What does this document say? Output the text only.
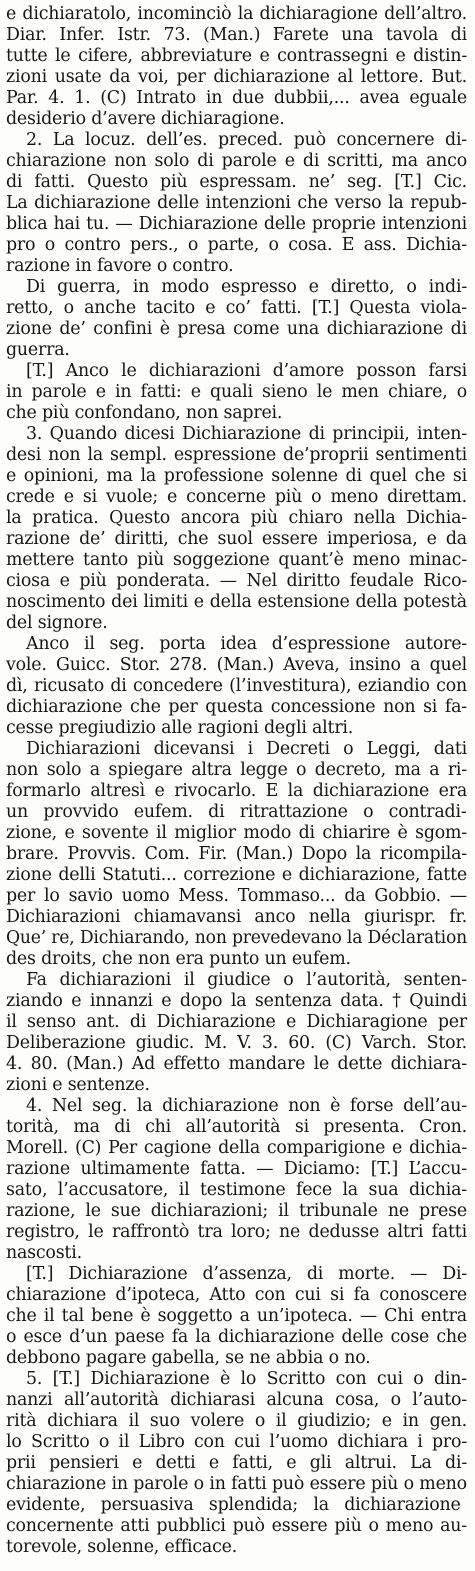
e dichiaratolo, incominciò la dichiaragione dell’altro.
Diar. Infer. Istr. 73. (Man.) Farete una tavola di
tutte le cifere, abbreviature e contrassegni e distin-
zioni usate da voi, per dichiarazione al lettore. But.
Par. 4. 1. (C) Intrato in due dubbii,... avea eguale
desiderio d’avere dichiaragione.
2. La locuz. dell’es. preced. può concernere di-
chiarazione non solo di parole e di scritti, ma anco
di fatti. Questo più espressam. ne’ seg. [T.] Cic.
La dichiarazione delle intenzioni che verso la repub-
blica hai tu. — Dichiarazione delle proprie intenzioni
pro o contro pers., o parte, o cosa. E ass. Dichia-
razione in favore o contro.
Di guerra, in modo espresso e diretto, o indi-
retto, o anche tacito e co’ fatti. [T.] Questa viola-
zione de’ confini è presa come una dichiarazione di
guerra.
[T.] Anco le dichiarazioni d’amore posson farsi
in parole e in fatti: e quali sieno le men chiare, o
che più confondano, non saprei.
3. Quando dicesi Dichiarazione di principii, inten-
desi non la sempl. espressione de’proprii sentimenti
e opinioni, ma la professione solenne di quel che si
crede e si vuole; e concerne più o meno direttam.
la pratica. Questo ancora più chiaro nella Dichia-
razione de’ diritti, che suol essere imperiosa, e da
mettere tanto più soggezione quant’è meno minac-
ciosa e più ponderata. — Nel diritto feudale Rico-
noscimento dei limiti e della estensione della potestà
del signore.
Anco il seg. porta idea d’espressione autore-
vole. Guicc. Stor. 278. (Man.) Aveva, insino a quel
dì, ricusato di concedere (l’investitura), eziandio con
dichiarazione che per questa concessione non si fa-
cesse pregiudizio alle ragioni degli altri.
Dichiarazioni dicevansi i Decreti o Leggi, dati
non solo a spiegare altra legge o decreto, ma a ri-
formarlo altresì e rivocarlo. E la dichiarazione era
un provvido eufem. di ritrattazione o contradi-
zione, e sovente il miglior modo di chiarire è sgom-
brare. Provvis. Com. Fir. (Man.) Dopo la ricompila-
zione delli Statuti... correzione e dichiarazione, fatte
per lo savio uomo Mess. Tommaso... da Gobbio. —
Dichiarazioni chiamavansi anco nella giurispr. fr.
Que’ re, Dichiarando, non prevedevano la Déclaration
des droits, che non era punto un eufem.
Fa dichiarazioni il giudice o l’autorità, senten-
ziando e innanzi e dopo la sentenza data. † Quindi
il senso ant. di Dichiarazione e Dichiaragione per
Deliberazione giudic. M. V. 3. 60. (C) Varch. Stor.
4. 80. (Man.) Ad effetto mandare le dette dichiara-
zioni e sentenze.
4. Nel seg. la dichiarazione non è forse dell’au-
torità, ma di chi all’autorità si presenta. Cron.
Morell. (C) Per cagione della comparigione e dichia-
razione ultimamente fatta. — Diciamo: [T.] L’accu-
sato, l’accusatore, il testimone fece la sua dichia-
razione, le sue dichiarazioni; il tribunale ne prese
registro, le raffrontò tra loro; ne dedusse altri fatti
nascosti.
[T.] Dichiarazione d’assenza, di morte. — Di-
chiarazione d’ipoteca, Atto con cui si fa conoscere
che il tal bene è soggetto a un’ipoteca. — Chi entra
o esce d’un paese fa la dichiarazione delle cose che
debbono pagare gabella, se ne abbia o no.
5. [T.] Dichiarazione è lo Scritto con cui o din-
nanzi all’autorità dichiarasi alcuna cosa, o l’auto-
rità dichiara il suo volere o il giudizio; e in gen.
lo Scritto o il Libro con cui l’uomo dichiara i pro-
prii pensieri e detti e fatti, e gli altrui. La di-
chiarazione in parole o in fatti può essere più o meno
evidente, persuasiva splendida; la dichiarazione
concernente atti pubblici può essere più o meno au-
torevole, solenne, efficace.
